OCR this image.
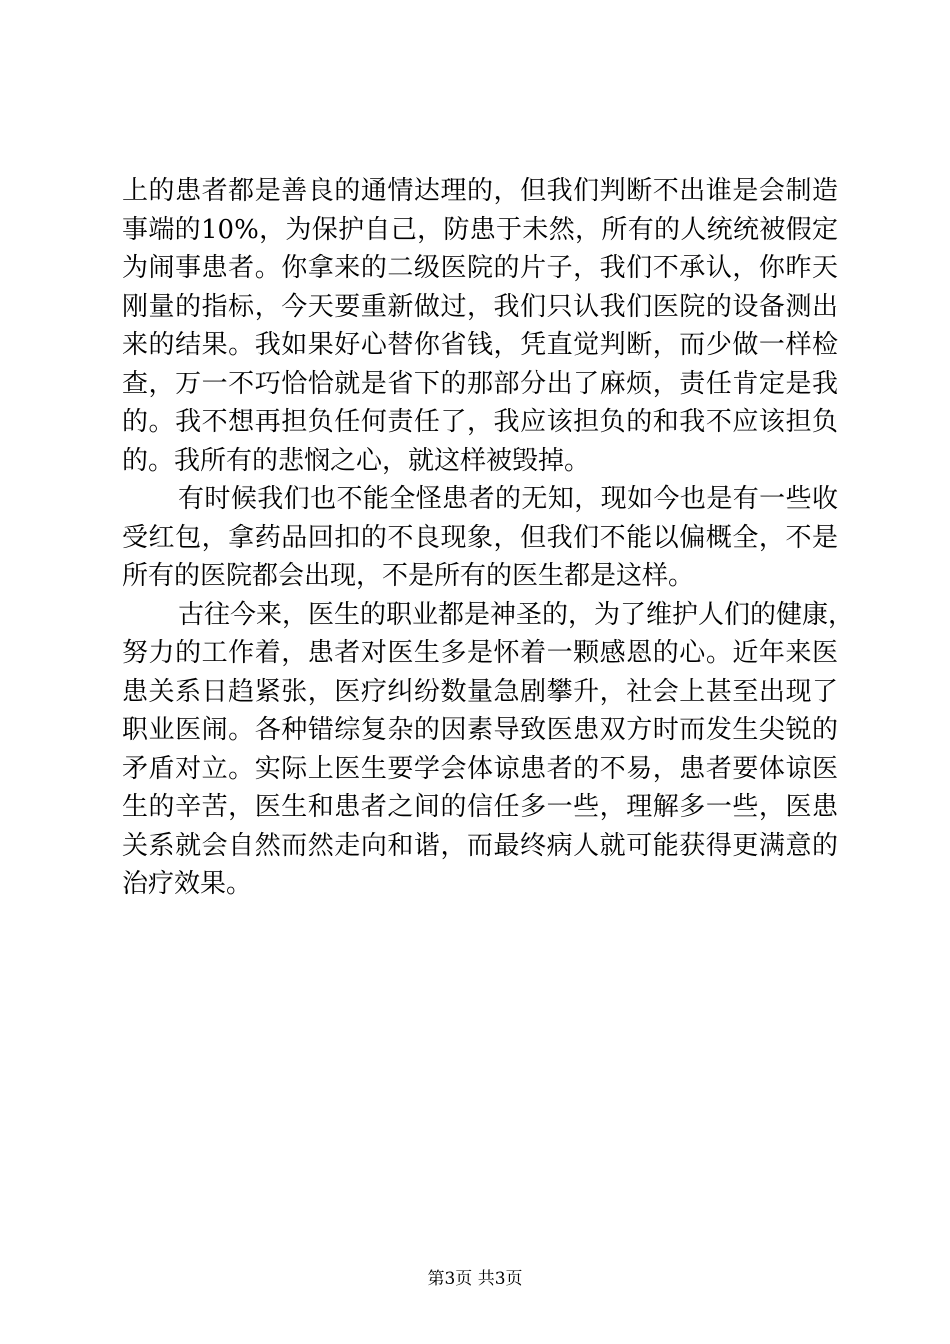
上的患者都是善良的通情达理的，但我们判断不出谁是会制造
事端的10%，为保护自己，防患于未然，所有的人统统被假定
为闹事患者。你拿来的二级医院的片子，我们不承认，你昨天
刚量的指标，今天要重新做过，我们只认我们医院的设备测出
来的结果。我如果好心替你省钱，凭直觉判断，而少做一样检
查，万一不巧恰恰就是省下的那部分出了麻烦，责任肯定是我
的。我不想再担负任何责任了，我应该担负的和我不应该担负
的。我所有的悲悯之心，就这样被毁掉。
有时候我们也不能全怪患者的无知，现如今也是有一些收
受红包，拿药品回扣的不良现象，但我们不能以偏概全，不是
所有的医院都会出现，不是所有的医生都是这样。
古往今来，医生的职业都是神圣的，为了维护人们的健康，
努力的工作着，患者对医生多是怀着一颗感恩的心。近年来医
患关系日趋紧张，医疗纠纷数量急剧攀升，社会上甚至出现了
职业医闹。各种错综复杂的因素导致医患双方时而发生尖锐的
矛盾对立。实际上医生要学会体谅患者的不易，患者要体谅医
生的辛苦，医生和患者之间的信任多一些，理解多一些，医患
关系就会自然而然走向和谐，而最终病人就可能获得更满意的
治疗效果。
第3页 共3页
